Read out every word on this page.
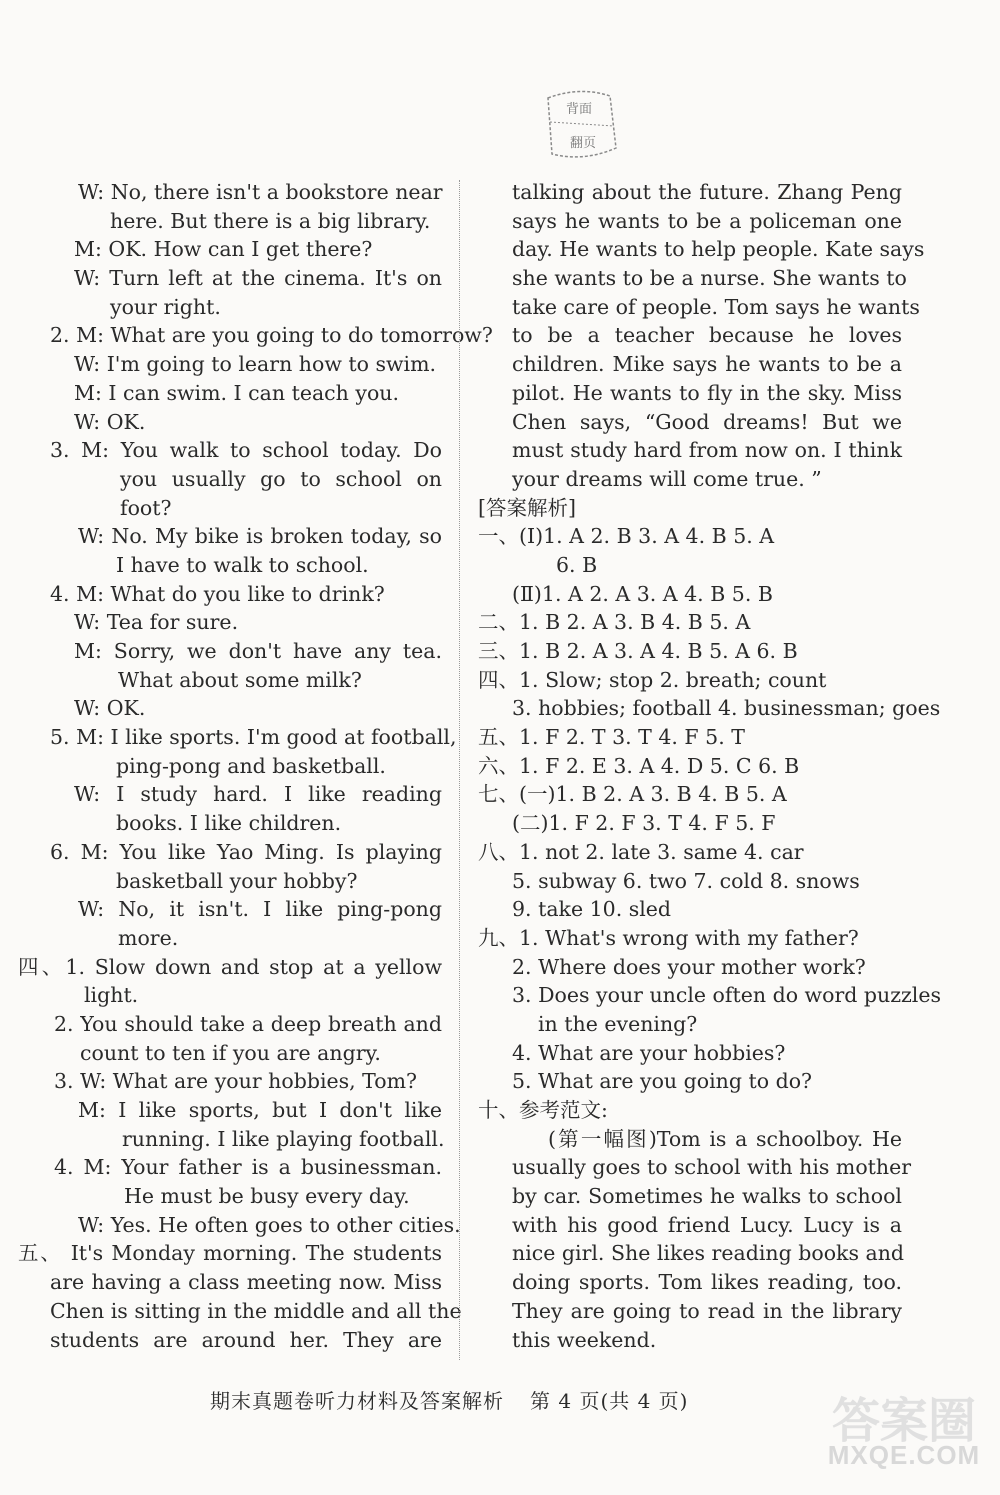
背面
翻页
W: No, there isn't a bookstore near
here. But there is a big library.
M: OK. How can I get there?
W: Turn left at the cinema. It's on
your right.
2. M: What are you going to do tomorrow?
W: I'm going to learn how to swim.
M: I can swim. I can teach you.
W: OK.
3. M: You walk to school today. Do
you usually go to school on
foot?
W: No. My bike is broken today, so
I have to walk to school.
4. M: What do you like to drink?
W: Tea for sure.
M: Sorry, we don't have any tea.
What about some milk?
W: OK.
5. M: I like sports. I'm good at football,
ping-pong and basketball.
W: I study hard. I like reading
books. I like children.
6. M: You like Yao Ming. Is playing
basketball your hobby?
W: No, it isn't. I like ping-pong
more.
四、1. Slow down and stop at a yellow
light.
2. You should take a deep breath and
count to ten if you are angry.
3. W: What are your hobbies, Tom?
M: I like sports, but I don't like
running. I like playing football.
4. M: Your father is a businessman.
He must be busy every day.
W: Yes. He often goes to other cities.
五、 It's Monday morning. The students
are having a class meeting now. Miss
Chen is sitting in the middle and all the
students are around her. They are
talking about the future. Zhang Peng
says he wants to be a policeman one
day. He wants to help people. Kate says
she wants to be a nurse. She wants to
take care of people. Tom says he wants
to be a teacher because he loves
children. Mike says he wants to be a
pilot. He wants to fly in the sky. Miss
Chen says, “Good dreams! But we
must study hard from now on. I think
your dreams will come true. ”
[答案解析]
一、(Ⅰ)1. A 2. B 3. A 4. B 5. A
6. B
(Ⅱ)1. A 2. A 3. A 4. B 5. B
二、1. B 2. A 3. B 4. B 5. A
三、1. B 2. A 3. A 4. B 5. A 6. B
四、1. Slow; stop 2. breath; count
3. hobbies; football 4. businessman; goes
五、1. F 2. T 3. T 4. F 5. T
六、1. F 2. E 3. A 4. D 5. C 6. B
七、(一)1. B 2. A 3. B 4. B 5. A
(二)1. F 2. F 3. T 4. F 5. F
八、1. not 2. late 3. same 4. car
5. subway 6. two 7. cold 8. snows
9. take 10. sled
九、1. What's wrong with my father?
2. Where does your mother work?
3. Does your uncle often do word puzzles
in the evening?
4. What are your hobbies?
5. What are you going to do?
十、参考范文:
(第一幅图)Tom is a schoolboy. He
usually goes to school with his mother
by car. Sometimes he walks to school
with his good friend Lucy. Lucy is a
nice girl. She likes reading books and
doing sports. Tom likes reading, too.
They are going to read in the library
this weekend.
期末真题卷听力材料及答案解析 第 4 页(共 4 页)	答案圈
MXQE.COM
